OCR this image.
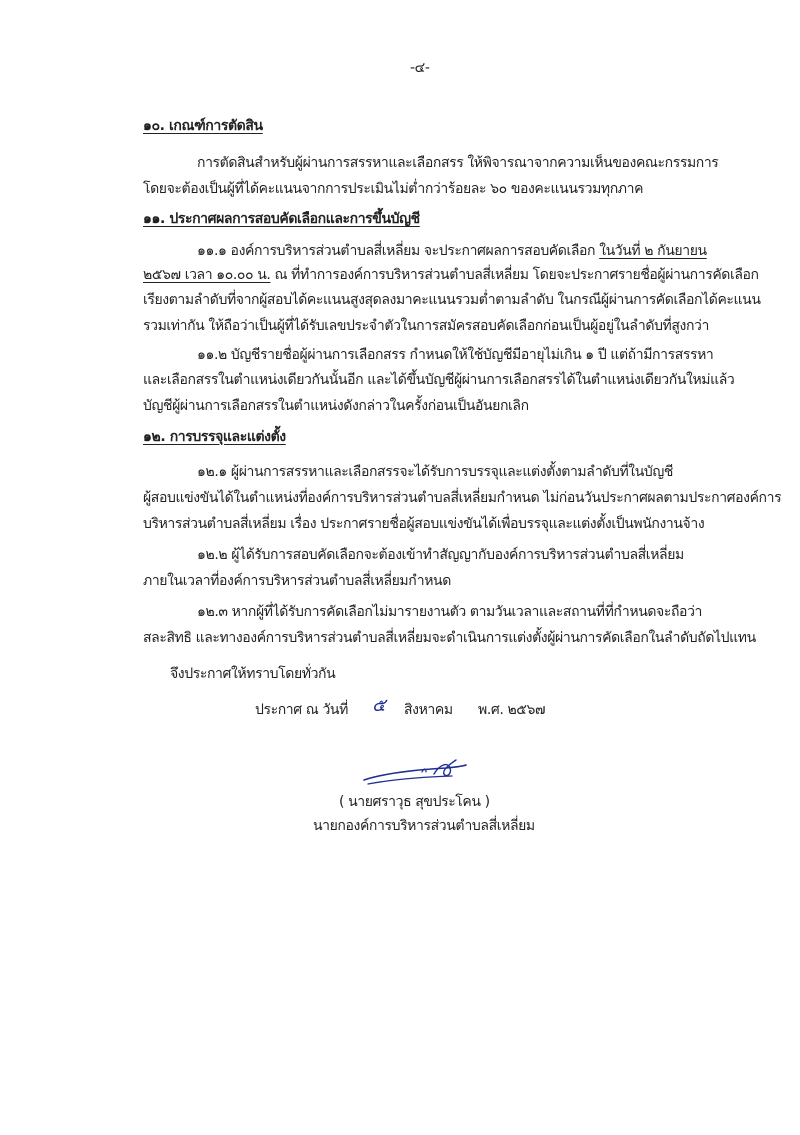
-๔-
๑๐. เกณฑ์การตัดสิน
การตัดสินสำหรับผู้ผ่านการสรรหาและเลือกสรร ให้พิจารณาจากความเห็นของคณะกรรมการ
โดยจะต้องเป็นผู้ที่ได้คะแนนจากการประเมินไม่ต่ำกว่าร้อยละ ๖๐ ของคะแนนรวมทุกภาค
๑๑. ประกาศผลการสอบคัดเลือกและการขึ้นบัญชี
๑๑.๑ องค์การบริหารส่วนตำบลสี่เหลี่ยม จะประกาศผลการสอบคัดเลือก ในวันที่ ๒ กันยายน
๒๕๖๗ เวลา ๑๐.๐๐ น. ณ ที่ทำการองค์การบริหารส่วนตำบลสี่เหลี่ยม โดยจะประกาศรายชื่อผู้ผ่านการคัดเลือก
เรียงตามลำดับที่จากผู้สอบได้คะแนนสูงสุดลงมาคะแนนรวมต่ำตามลำดับ ในกรณีผู้ผ่านการคัดเลือกได้คะแนน
รวมเท่ากัน ให้ถือว่าเป็นผู้ที่ได้รับเลขประจำตัวในการสมัครสอบคัดเลือกก่อนเป็นผู้อยู่ในลำดับที่สูงกว่า
๑๑.๒ บัญชีรายชื่อผู้ผ่านการเลือกสรร กำหนดให้ใช้บัญชีมีอายุไม่เกิน ๑ ปี แต่ถ้ามีการสรรหา
และเลือกสรรในตำแหน่งเดียวกันนั้นอีก และได้ขึ้นบัญชีผู้ผ่านการเลือกสรรได้ในตำแหน่งเดียวกันใหม่แล้ว
บัญชีผู้ผ่านการเลือกสรรในตำแหน่งดังกล่าวในครั้งก่อนเป็นอันยกเลิก
๑๒. การบรรจุและแต่งตั้ง
๑๒.๑ ผู้ผ่านการสรรหาและเลือกสรรจะได้รับการบรรจุและแต่งตั้งตามลำดับที่ในบัญชี
ผู้สอบแข่งขันได้ในตำแหน่งที่องค์การบริหารส่วนตำบลสี่เหลี่ยมกำหนด ไม่ก่อนวันประกาศผลตามประกาศองค์การ
บริหารส่วนตำบลสี่เหลี่ยม เรื่อง ประกาศรายชื่อผู้สอบแข่งขันได้เพื่อบรรจุและแต่งตั้งเป็นพนักงานจ้าง
๑๒.๒ ผู้ได้รับการสอบคัดเลือกจะต้องเข้าทำสัญญากับองค์การบริหารส่วนตำบลสี่เหลี่ยม
ภายในเวลาที่องค์การบริหารส่วนตำบลสี่เหลี่ยมกำหนด
๑๒.๓ หากผู้ที่ได้รับการคัดเลือกไม่มารายงานตัว ตามวันเวลาและสถานที่ที่กำหนดจะถือว่า
สละสิทธิ และทางองค์การบริหารส่วนตำบลสี่เหลี่ยมจะดำเนินการแต่งตั้งผู้ผ่านการคัดเลือกในลำดับถัดไปแทน
จึงประกาศให้ทราบโดยทั่วกัน
ประกาศ ณ วันที่ ๕ สิงหาคม พ.ศ. ๒๕๖๗
( นายศราวุธ สุขประโคน )
นายกองค์การบริหารส่วนตำบลสี่เหลี่ยม
